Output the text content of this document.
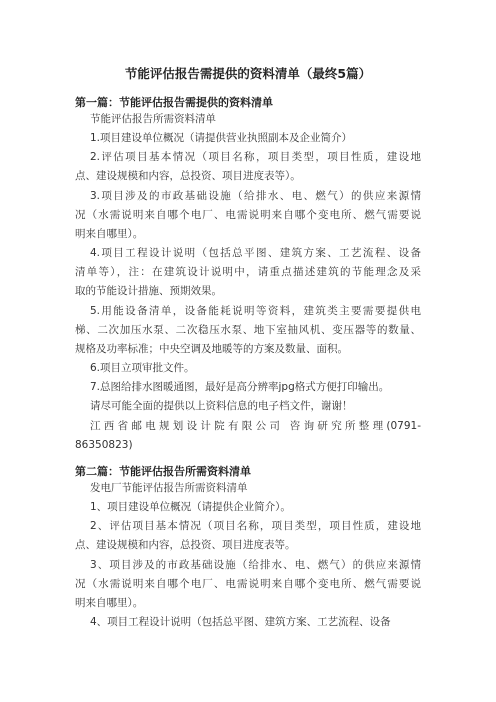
节能评估报告需提供的资料清单（最终5篇）
第一篇：节能评估报告需提供的资料清单

节能评估报告所需资料清单

1.项目建设单位概况（请提供营业执照副本及企业简介）

2.评估项目基本情况（项目名称，项目类型，项目性质，建设地
点、建设规模和内容，总投资、项目进度表等）。
3.项目涉及的市政基础设施（给排水、电、燃气）的供应来源情
况（水需说明来自哪个电厂、电需说明来自哪个变电所、燃气需要说
明来自哪里）。
4.项目工程设计说明（包括总平图、建筑方案、工艺流程、设备
清单等），注：在建筑设计说明中，请重点描述建筑的节能理念及采
取的节能设计措施、预期效果。
5.用能设备清单，设备能耗说明等资料，建筑类主要需要提供电
梯、二次加压水泵、二次稳压水泵、地下室抽风机、变压器等的数量、
规格及功率标准；中央空调及地暖等的方案及数量、面积。

6.项目立项审批文件。

7.总图给排水图暖通图，最好是高分辨率jpg格式方便打印输出。

请尽可能全面的提供以上资料信息的电子档文件，谢谢！

江西省邮电规划设计院有限公司 咨询研究所整理(0791-
86350823)
第二篇：节能评估报告所需资料清单

发电厂节能评估报告所需资料清单

1、项目建设单位概况（请提供企业简介）。

2、评估项目基本情况（项目名称，项目类型，项目性质，建设地
点、建设规模和内容，总投资、项目进度表等。
3、项目涉及的市政基础设施（给排水、电、燃气）的供应来源情
况（水需说明来自哪个电厂、电需说明来自哪个变电所、燃气需要说
明来自哪里）。

4、项目工程设计说明（包括总平图、建筑方案、工艺流程、设备
